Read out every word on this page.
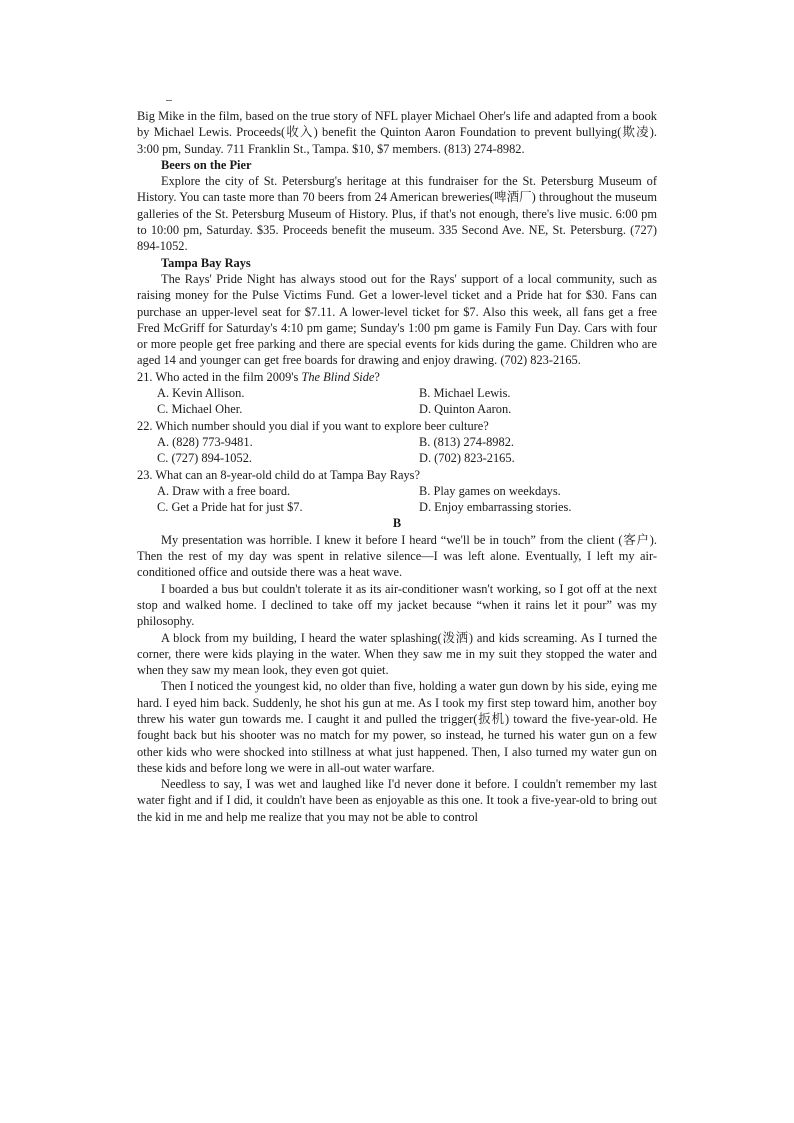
Big Mike in the film, based on the true story of NFL player Michael Oher's life and adapted from a book by Michael Lewis. Proceeds(收入) benefit the Quinton Aaron Foundation to prevent bullying(欺凌). 3:00 pm, Sunday. 711 Franklin St., Tampa. $10, $7 members. (813) 274-8982.

Beers on the Pier

Explore the city of St. Petersburg's heritage at this fundraiser for the St. Petersburg Museum of History. You can taste more than 70 beers from 24 American breweries(啤酒厂) throughout the museum galleries of the St. Petersburg Museum of History. Plus, if that's not enough, there's live music. 6:00 pm to 10:00 pm, Saturday. $35. Proceeds benefit the museum. 335 Second Ave. NE, St. Petersburg. (727) 894-1052.

Tampa Bay Rays

The Rays' Pride Night has always stood out for the Rays' support of a local community, such as raising money for the Pulse Victims Fund. Get a lower-level ticket and a Pride hat for $30. Fans can purchase an upper-level seat for $7.11. A lower-level ticket for $7. Also this week, all fans get a free Fred McGriff for Saturday's 4:10 pm game; Sunday's 1:00 pm game is Family Fun Day. Cars with four or more people get free parking and there are special events for kids during the game. Children who are aged 14 and younger can get free boards for drawing and enjoy drawing. (702) 823-2165.

21. Who acted in the film 2009's The Blind Side?
A. Kevin Allison.	B. Michael Lewis.
C. Michael Oher.	D. Quinton Aaron.
22. Which number should you dial if you want to explore beer culture?
A. (828) 773-9481.	B. (813) 274-8982.
C. (727) 894-1052.	D. (702) 823-2165.
23. What can an 8-year-old child do at Tampa Bay Rays?
A. Draw with a free board.	B. Play games on weekdays.
C. Get a Pride hat for just $7.	D. Enjoy embarrassing stories.
B

My presentation was horrible. I knew it before I heard “we'll be in touch” from the client (客户). Then the rest of my day was spent in relative silence—I was left alone. Eventually, I left my air-conditioned office and outside there was a heat wave.

I boarded a bus but couldn't tolerate it as its air-conditioner wasn't working, so I got off at the next stop and walked home. I declined to take off my jacket because “when it rains let it pour” was my philosophy.

A block from my building, I heard the water splashing(泼洒) and kids screaming. As I turned the corner, there were kids playing in the water. When they saw me in my suit they stopped the water and when they saw my mean look, they even got quiet.

Then I noticed the youngest kid, no older than five, holding a water gun down by his side, eying me hard. I eyed him back. Suddenly, he shot his gun at me. As I took my first step toward him, another boy threw his water gun towards me. I caught it and pulled the trigger(扳机) toward the five-year-old. He fought back but his shooter was no match for my power, so instead, he turned his water gun on a few other kids who were shocked into stillness at what just happened. Then, I also turned my water gun on these kids and before long we were in all-out water warfare.

Needless to say, I was wet and laughed like I'd never done it before. I couldn't remember my last water fight and if I did, it couldn't have been as enjoyable as this one. It took a five-year-old to bring out the kid in me and help me realize that you may not be able to control
